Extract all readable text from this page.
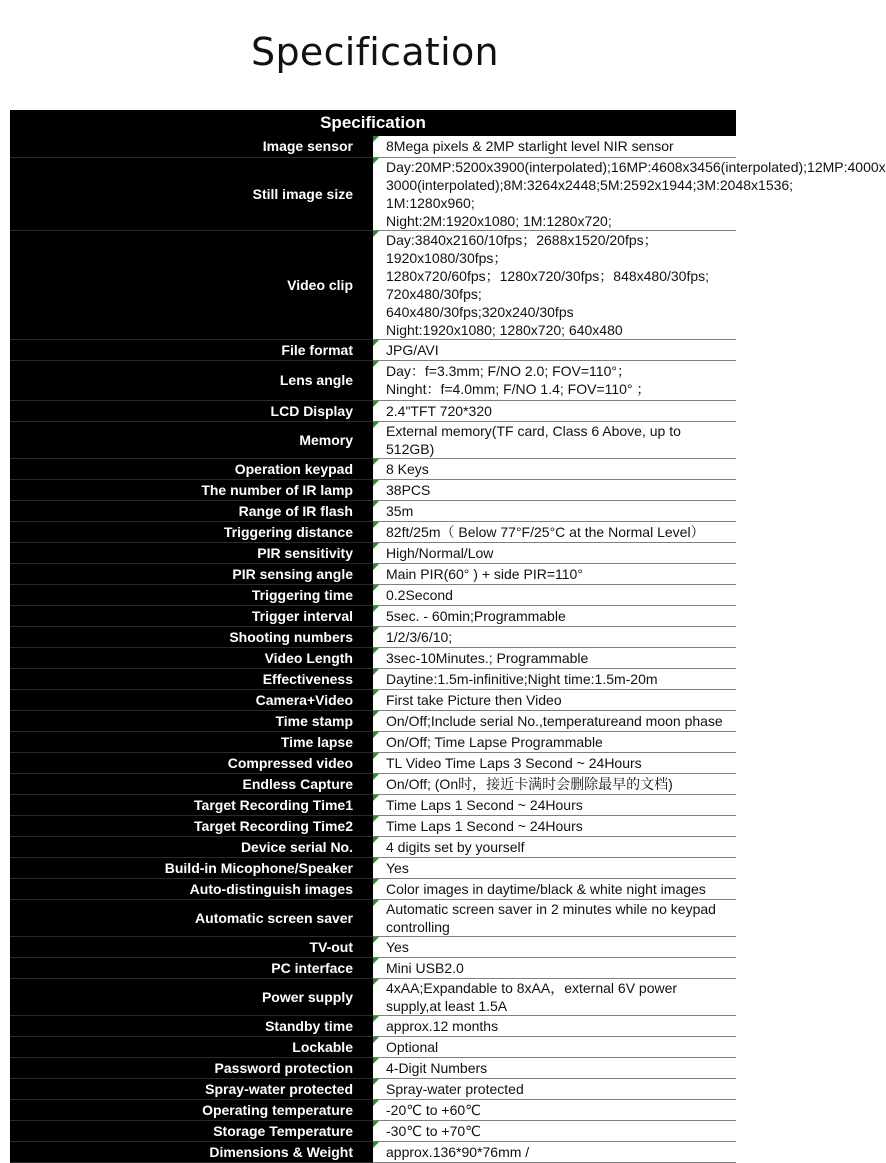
Specification
Specification	
Image sensor	8Mega pixels & 2MP starlight level NIR sensor

Still image size	Day:20MP:5200x3900(interpolated);16MP:4608x3456(interpolated);12MP:4000x
3000(interpolated);8M:3264x2448;5M:2592x1944;3M:2048x1536; 1M:1280x960;
Night:2M:1920x1080; 1M:1280x720;

Video clip	Day:3840x2160/10fps；2688x1520/20fps；1920x1080/30fps；
1280x720/60fps；1280x720/30fps；848x480/30fps; 720x480/30fps;
640x480/30fps;320x240/30fps
Night:1920x1080; 1280x720; 640x480

File format	JPG/AVI

Lens angle	Day：f=3.3mm; F/NO 2.0; FOV=110°；
Ninght：f=4.0mm; F/NO 1.4; FOV=110° ；

LCD Display	2.4"TFT 720*320

Memory	External memory(TF card, Class 6 Above, up to 512GB)

Operation keypad	8 Keys

The number of IR lamp	38PCS

Range of IR flash	35m

Triggering distance	82ft/25m（ Below 77°F/25°C at the Normal Level）

PIR sensitivity	High/Normal/Low

PIR sensing angle	Main PIR(60° ) + side PIR=110°

Triggering time	0.2Second

Trigger interval	5sec. - 60min;Programmable

Shooting numbers	1/2/3/6/10;

Video Length	3sec-10Minutes.; Programmable

Effectiveness	Daytine:1.5m-infinitive;Night time:1.5m-20m

Camera+Video	First take Picture then Video

Time stamp	On/Off;Include serial No.,temperatureand moon phase

Time lapse	On/Off; Time Lapse Programmable

Compressed video	TL Video Time Laps 3 Second ~ 24Hours

Endless Capture	On/Off; (On时，接近卡满时会删除最早的文档)

Target Recording Time1	Time Laps 1 Second ~ 24Hours

Target Recording Time2	Time Laps 1 Second ~ 24Hours

Device serial No.	4 digits set by yourself

Build-in Micophone/Speaker	Yes

Auto-distinguish images	Color images in daytime/black & white night images

Automatic screen saver	Automatic screen saver in 2 minutes while no keypad controlling

TV-out	Yes

PC interface	Mini USB2.0

Power supply	4xAA;Expandable to 8xAA，external 6V power supply,at least 1.5A

Standby time	approx.12 months

Lockable	Optional

Password protection	4-Digit Numbers

Spray-water protected	Spray-water protected

Operating temperature	-20℃ to +60℃

Storage Temperature	-30℃ to +70℃

Dimensions & Weight	approx.136*90*76mm /
